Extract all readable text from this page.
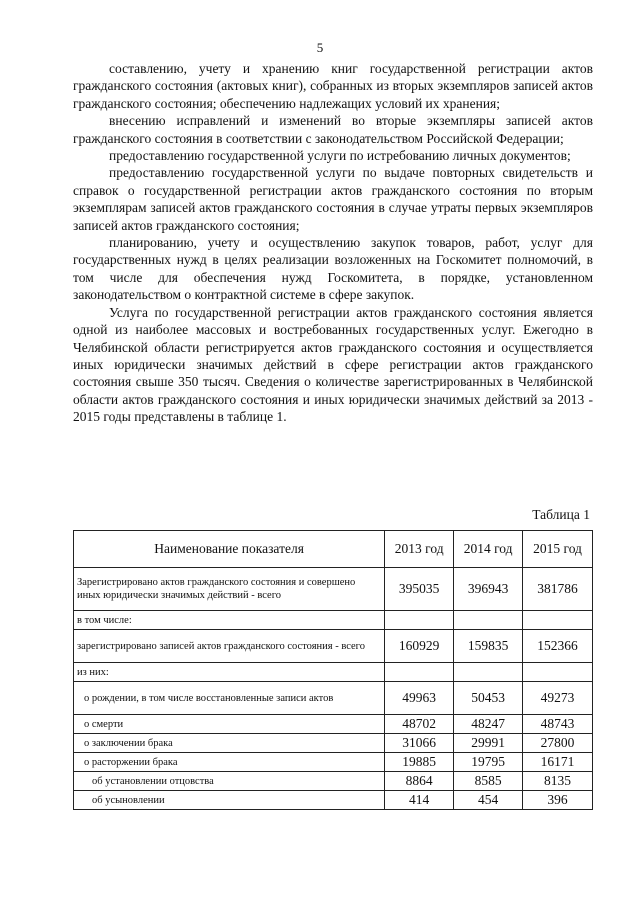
5

составлению, учету и хранению книг государственной регистрации актов гражданского состояния (актовых книг), собранных из вторых экземпляров записей актов гражданского состояния; обеспечению надлежащих условий их хранения;

внесению исправлений и изменений во вторые экземпляры записей актов гражданского состояния в соответствии с законодательством Российской Федерации;

предоставлению государственной услуги по истребованию личных документов;

предоставлению государственной услуги по выдаче повторных свидетельств и справок о государственной регистрации актов гражданского состояния по вторым экземплярам записей актов гражданского состояния в случае утраты первых экземпляров записей актов гражданского состояния;

планированию, учету и осуществлению закупок товаров, работ, услуг для государственных нужд в целях реализации возложенных на Госкомитет полномочий, в том числе для обеспечения нужд Госкомитета, в порядке, установленном законодательством о контрактной системе в сфере закупок.

Услуга по государственной регистрации актов гражданского состояния является одной из наиболее массовых и востребованных государственных услуг. Ежегодно в Челябинской области регистрируется актов гражданского состояния и осуществляется иных юридически значимых действий в сфере регистрации актов гражданского состояния свыше 350 тысяч. Сведения о количестве зарегистрированных в Челябинской области актов гражданского состояния и иных юридически значимых действий за 2013 - 2015 годы представлены в таблице 1.

Таблица 1
Наименование показателя	2013 год	2014 год	2015 год
Зарегистрировано актов гражданского состояния и совершено иных юридически значимых действий - всего	395035	396943	381786
в том числе:			
зарегистрировано записей актов гражданского состояния - всего	160929	159835	152366
из них:			
о рождении, в том числе восстановленные записи актов	49963	50453	49273
о смерти	48702	48247	48743
о заключении брака	31066	29991	27800
о расторжении брака	19885	19795	16171
об установлении отцовства	8864	8585	8135
об усыновлении	414	454	396
